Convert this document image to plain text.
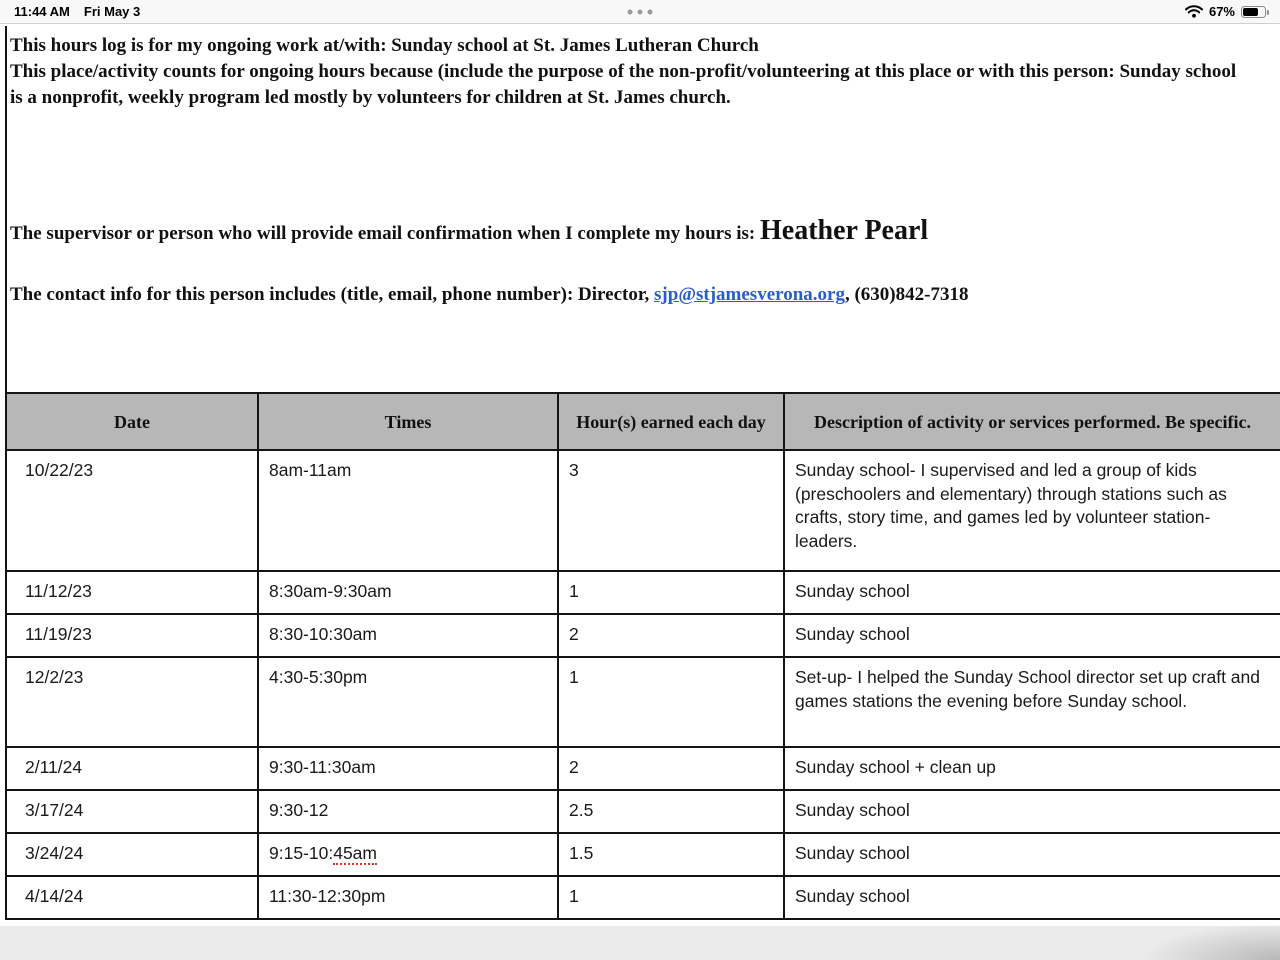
11:44 AM Fri May 3	67%
This hours log is for my ongoing work at/with: Sunday school at St. James Lutheran Church
This place/activity counts for ongoing hours because (include the purpose of the non-profit/volunteering at this place or with this person: Sunday school is a nonprofit, weekly program led mostly by volunteers for children at St. James church.
The supervisor or person who will provide email confirmation when I complete my hours is: Heather Pearl
The contact info for this person includes (title, email, phone number): Director, sjp@stjamesverona.org, (630)842-7318
Date	Times	Hour(s) earned each day	Description of activity or services performed. Be specific.
10/22/23	8am-11am	3	Sunday school- I supervised and led a group of kids (preschoolers and elementary) through stations such as crafts, story time, and games led by volunteer station-leaders.
11/12/23	8:30am-9:30am	1	Sunday school
11/19/23	8:30-10:30am	2	Sunday school
12/2/23	4:30-5:30pm	1	Set-up- I helped the Sunday School director set up craft and games stations the evening before Sunday school.
2/11/24	9:30-11:30am	2	Sunday school + clean up
3/17/24	9:30-12	2.5	Sunday school
3/24/24	9:15-10:45am	1.5	Sunday school
4/14/24	11:30-12:30pm	1	Sunday school
